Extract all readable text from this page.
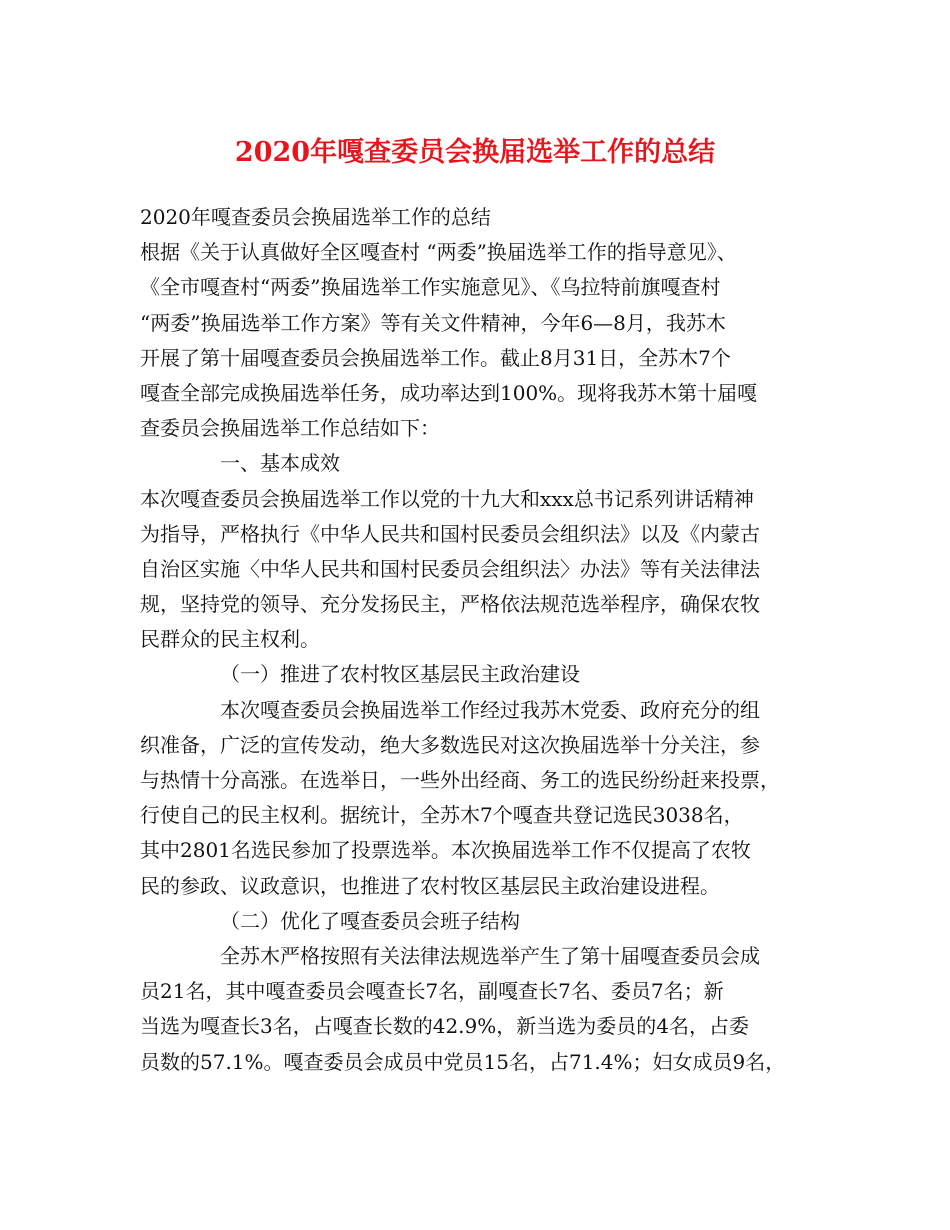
2020年嘎查委员会换届选举工作的总结
2020年嘎查委员会换届选举工作的总结
根据《关于认真做好全区嘎查村 “两委”换届选举工作的指导意见》、
《全市嘎查村“两委”换届选举工作实施意见》、《乌拉特前旗嘎查村
“两委”换届选举工作方案》等有关文件精神，今年6—8月，我苏木
开展了第十届嘎查委员会换届选举工作。截止8月31日，全苏木7个
嘎查全部完成换届选举任务，成功率达到100%。现将我苏木第十届嘎
查委员会换届选举工作总结如下：
一、基本成效
本次嘎查委员会换届选举工作以党的十九大和xxx总书记系列讲话精神
为指导，严格执行《中华人民共和国村民委员会组织法》以及《内蒙古
自治区实施〈中华人民共和国村民委员会组织法〉办法》等有关法律法
规，坚持党的领导、充分发扬民主，严格依法规范选举程序，确保农牧
民群众的民主权利。
（一）推进了农村牧区基层民主政治建设
本次嘎查委员会换届选举工作经过我苏木党委、政府充分的组
织准备，广泛的宣传发动，绝大多数选民对这次换届选举十分关注，参
与热情十分高涨。在选举日，一些外出经商、务工的选民纷纷赶来投票，
行使自己的民主权利。据统计，全苏木7个嘎查共登记选民3038名，
其中2801名选民参加了投票选举。本次换届选举工作不仅提高了农牧
民的参政、议政意识，也推进了农村牧区基层民主政治建设进程。
（二）优化了嘎查委员会班子结构
全苏木严格按照有关法律法规选举产生了第十届嘎查委员会成
员21名，其中嘎查委员会嘎查长7名，副嘎查长7名、委员7名；新
当选为嘎查长3名，占嘎查长数的42.9%，新当选为委员的4名，占委
员数的57.1%。嘎查委员会成员中党员15名，占71.4%；妇女成员9名，
